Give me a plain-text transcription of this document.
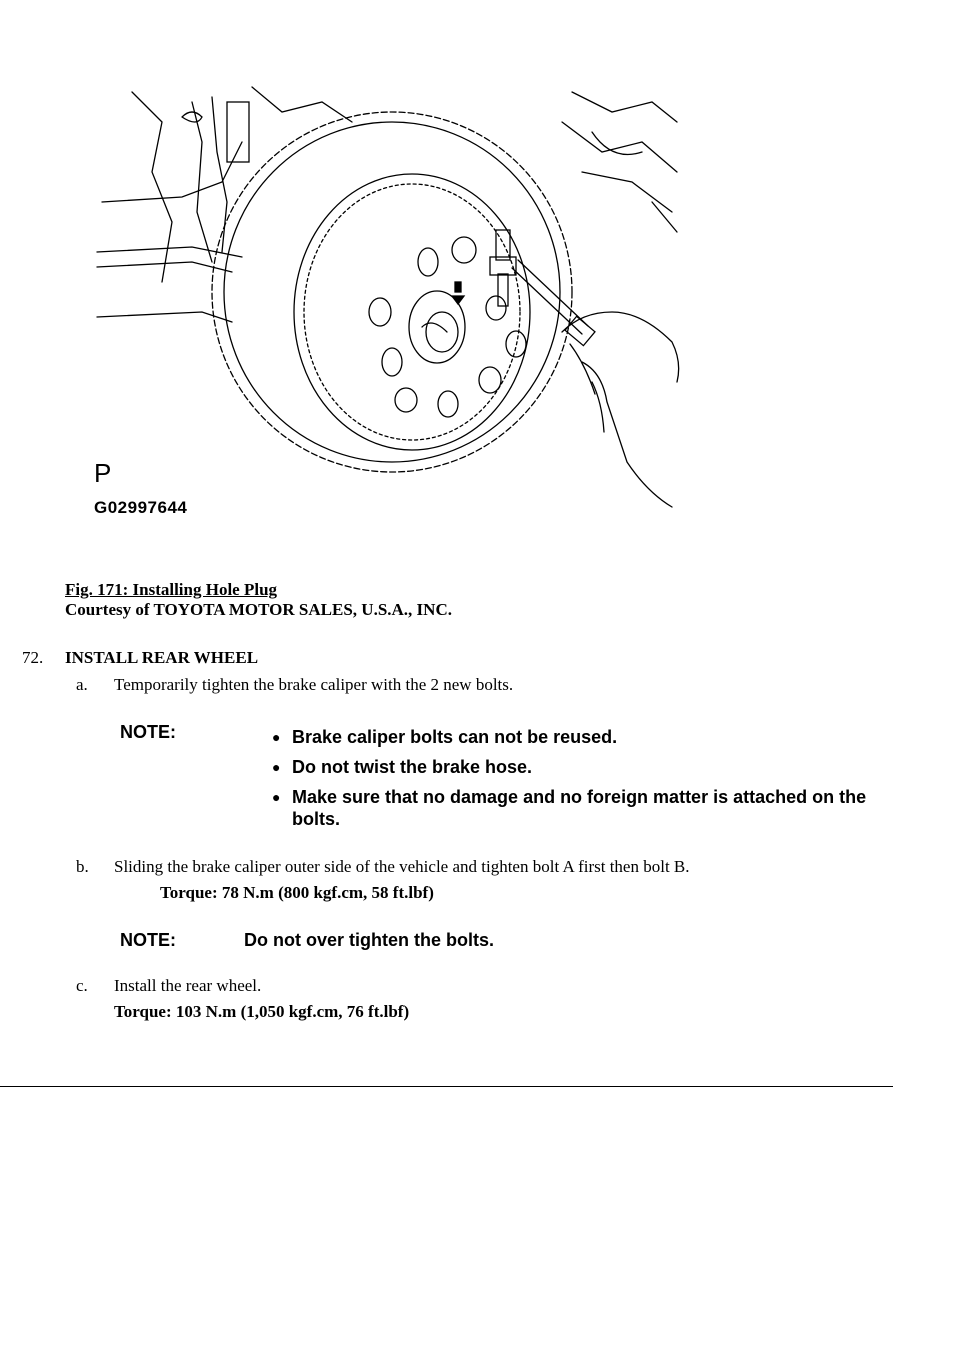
P
G02997644
Fig. 171: Installing Hole Plug
Courtesy of TOYOTA MOTOR SALES, U.S.A., INC.
72. INSTALL REAR WHEEL
a. Temporarily tighten the brake caliper with the 2 new bolts.
NOTE:	● Brake caliper bolts can not be reused.
● Do not twist the brake hose.
● Make sure that no damage and no foreign matter is attached on the bolts.
b. Sliding the brake caliper outer side of the vehicle and tighten bolt A first then bolt B.
Torque: 78 N.m (800 kgf.cm, 58 ft.lbf)
NOTE:	Do not over tighten the bolts.
c. Install the rear wheel.
Torque: 103 N.m (1,050 kgf.cm, 76 ft.lbf)
